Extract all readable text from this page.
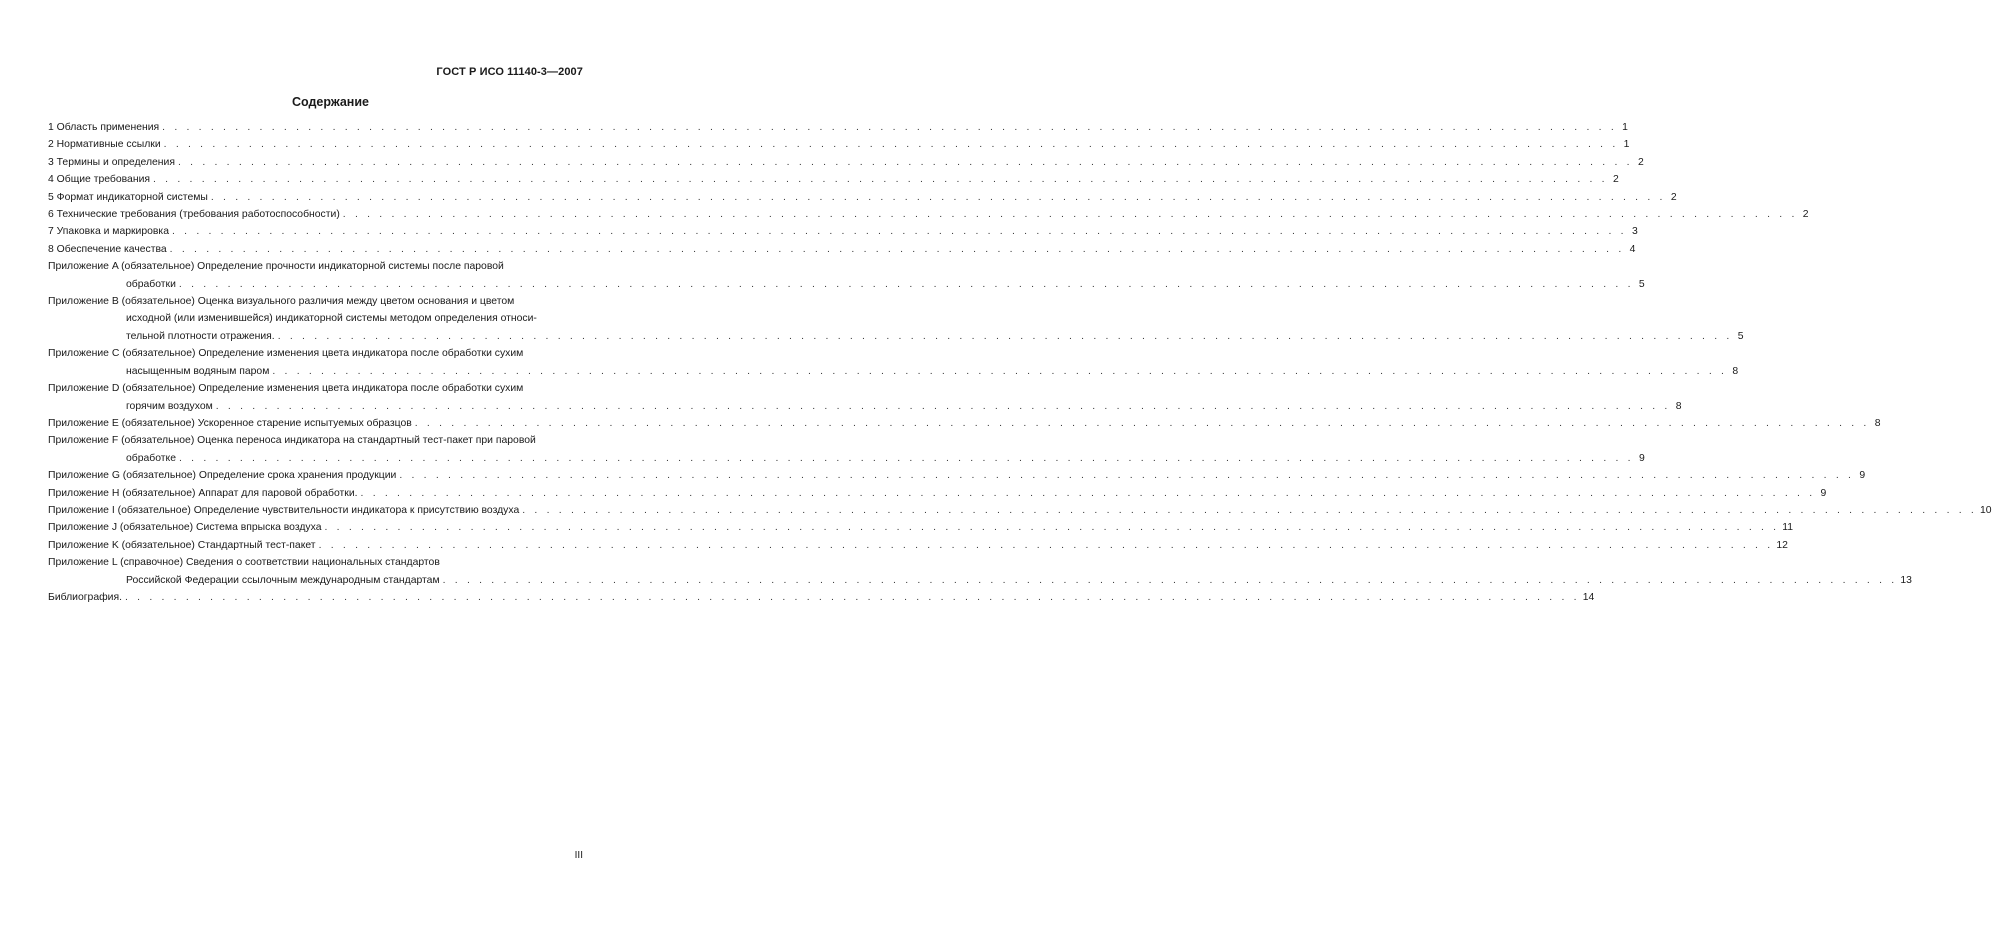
ГОСТ Р ИСО 11140-3—2007
Содержание
1 Область применения . . . . . . . . . . . . . . . . . . . . . . . . . . . . . . . . . . . . . . . . . . . . . . . . . . . . . . . . . . . . . . . . . . . . . . . . . . . . . . . . . . . . . . . . . . . . . . . . . . . . . . . . . . . . . . . . . . . . . . . . 1
2 Нормативные ссылки . . . . . . . . . . . . . . . . . . . . . . . . . . . . . . . . . . . . . . . . . . . . . . . . . . . . . . . . . . . . . . . . . . . . . . . . . . . . . . . . . . . . . . . . . . . . . . . . . . . . . . . . . . . . . . . . . . . . . . . . 1
3 Термины и определения . . . . . . . . . . . . . . . . . . . . . . . . . . . . . . . . . . . . . . . . . . . . . . . . . . . . . . . . . . . . . . . . . . . . . . . . . . . . . . . . . . . . . . . . . . . . . . . . . . . . . . . . . . . . . . . . . . . . . . . . 2
4 Общие требования . . . . . . . . . . . . . . . . . . . . . . . . . . . . . . . . . . . . . . . . . . . . . . . . . . . . . . . . . . . . . . . . . . . . . . . . . . . . . . . . . . . . . . . . . . . . . . . . . . . . . . . . . . . . . . . . . . . . . . . . 2
5 Формат индикаторной системы . . . . . . . . . . . . . . . . . . . . . . . . . . . . . . . . . . . . . . . . . . . . . . . . . . . . . . . . . . . . . . . . . . . . . . . . . . . . . . . . . . . . . . . . . . . . . . . . . . . . . . . . . . . . . . . . . . . . . . . . 2
6 Технические требования (требования работоспособности) . . . . . . . . . . . . . . . . . . . . . . . . . . . . . . . . . . . . . . . . . . . . . . . . . . . . . . . . . . . . . . . . . . . . . . . . . . . . . . . . . . . . . . . . . . . . . . . . . . . . . . . . . . . . . . . . . . . . . . . . 2
7 Упаковка и маркировка . . . . . . . . . . . . . . . . . . . . . . . . . . . . . . . . . . . . . . . . . . . . . . . . . . . . . . . . . . . . . . . . . . . . . . . . . . . . . . . . . . . . . . . . . . . . . . . . . . . . . . . . . . . . . . . . . . . . . . . . 3
8 Обеспечение качества . . . . . . . . . . . . . . . . . . . . . . . . . . . . . . . . . . . . . . . . . . . . . . . . . . . . . . . . . . . . . . . . . . . . . . . . . . . . . . . . . . . . . . . . . . . . . . . . . . . . . . . . . . . . . . . . . . . . . . . . 4
Приложение A (обязательное) Определение прочности индикаторной системы после паровой
обработки . . . . . . . . . . . . . . . . . . . . . . . . . . . . . . . . . . . . . . . . . . . . . . . . . . . . . . . . . . . . . . . . . . . . . . . . . . . . . . . . . . . . . . . . . . . . . . . . . . . . . . . . . . . . . . . . . . . . . . . . 5
Приложение B (обязательное) Оценка визуального различия между цветом основания и цветом
исходной (или изменившейся) индикаторной системы методом определения относи-
тельной плотности отражения. . . . . . . . . . . . . . . . . . . . . . . . . . . . . . . . . . . . . . . . . . . . . . . . . . . . . . . . . . . . . . . . . . . . . . . . . . . . . . . . . . . . . . . . . . . . . . . . . . . . . . . . . . . . . . . . . . . . . . . . . 5
Приложение C (обязательное) Определение изменения цвета индикатора после обработки сухим
насыщенным водяным паром . . . . . . . . . . . . . . . . . . . . . . . . . . . . . . . . . . . . . . . . . . . . . . . . . . . . . . . . . . . . . . . . . . . . . . . . . . . . . . . . . . . . . . . . . . . . . . . . . . . . . . . . . . . . . . . . . . . . . . . . 8
Приложение D (обязательное) Определение изменения цвета индикатора после обработки сухим
горячим воздухом . . . . . . . . . . . . . . . . . . . . . . . . . . . . . . . . . . . . . . . . . . . . . . . . . . . . . . . . . . . . . . . . . . . . . . . . . . . . . . . . . . . . . . . . . . . . . . . . . . . . . . . . . . . . . . . . . . . . . . . . 8
Приложение E (обязательное) Ускоренное старение испытуемых образцов . . . . . . . . . . . . . . . . . . . . . . . . . . . . . . . . . . . . . . . . . . . . . . . . . . . . . . . . . . . . . . . . . . . . . . . . . . . . . . . . . . . . . . . . . . . . . . . . . . . . . . . . . . . . . . . . . . . . . . . . 8
Приложение F (обязательное) Оценка переноса индикатора на стандартный тест-пакет при паровой
обработке . . . . . . . . . . . . . . . . . . . . . . . . . . . . . . . . . . . . . . . . . . . . . . . . . . . . . . . . . . . . . . . . . . . . . . . . . . . . . . . . . . . . . . . . . . . . . . . . . . . . . . . . . . . . . . . . . . . . . . . . 9
Приложение G (обязательное) Определение срока хранения продукции . . . . . . . . . . . . . . . . . . . . . . . . . . . . . . . . . . . . . . . . . . . . . . . . . . . . . . . . . . . . . . . . . . . . . . . . . . . . . . . . . . . . . . . . . . . . . . . . . . . . . . . . . . . . . . . . . . . . . . . . 9
Приложение H (обязательное) Аппарат для паровой обработки. . . . . . . . . . . . . . . . . . . . . . . . . . . . . . . . . . . . . . . . . . . . . . . . . . . . . . . . . . . . . . . . . . . . . . . . . . . . . . . . . . . . . . . . . . . . . . . . . . . . . . . . . . . . . . . . . . . . . . . . . 9
Приложение I (обязательное) Определение чувствительности индикатора к присутствию воздуха . . . . . . . . . . . . . . . . . . . . . . . . . . . . . . . . . . . . . . . . . . . . . . . . . . . . . . . . . . . . . . . . . . . . . . . . . . . . . . . . . . . . . . . . . . . . . . . . . . . . . . . . . . . . . . . . . . . . . . . . 10
Приложение J (обязательное) Система впрыска воздуха . . . . . . . . . . . . . . . . . . . . . . . . . . . . . . . . . . . . . . . . . . . . . . . . . . . . . . . . . . . . . . . . . . . . . . . . . . . . . . . . . . . . . . . . . . . . . . . . . . . . . . . . . . . . . . . . . . . . . . . . 11
Приложение K (обязательное) Стандартный тест-пакет . . . . . . . . . . . . . . . . . . . . . . . . . . . . . . . . . . . . . . . . . . . . . . . . . . . . . . . . . . . . . . . . . . . . . . . . . . . . . . . . . . . . . . . . . . . . . . . . . . . . . . . . . . . . . . . . . . . . . . . . 12
Приложение L (справочное) Сведения о соответствии национальных стандартов
Российской Федерации ссылочным международным стандартам . . . . . . . . . . . . . . . . . . . . . . . . . . . . . . . . . . . . . . . . . . . . . . . . . . . . . . . . . . . . . . . . . . . . . . . . . . . . . . . . . . . . . . . . . . . . . . . . . . . . . . . . . . . . . . . . . . . . . . . . 13
Библиография. . . . . . . . . . . . . . . . . . . . . . . . . . . . . . . . . . . . . . . . . . . . . . . . . . . . . . . . . . . . . . . . . . . . . . . . . . . . . . . . . . . . . . . . . . . . . . . . . . . . . . . . . . . . . . . . . . . . . . . . . 14
III
